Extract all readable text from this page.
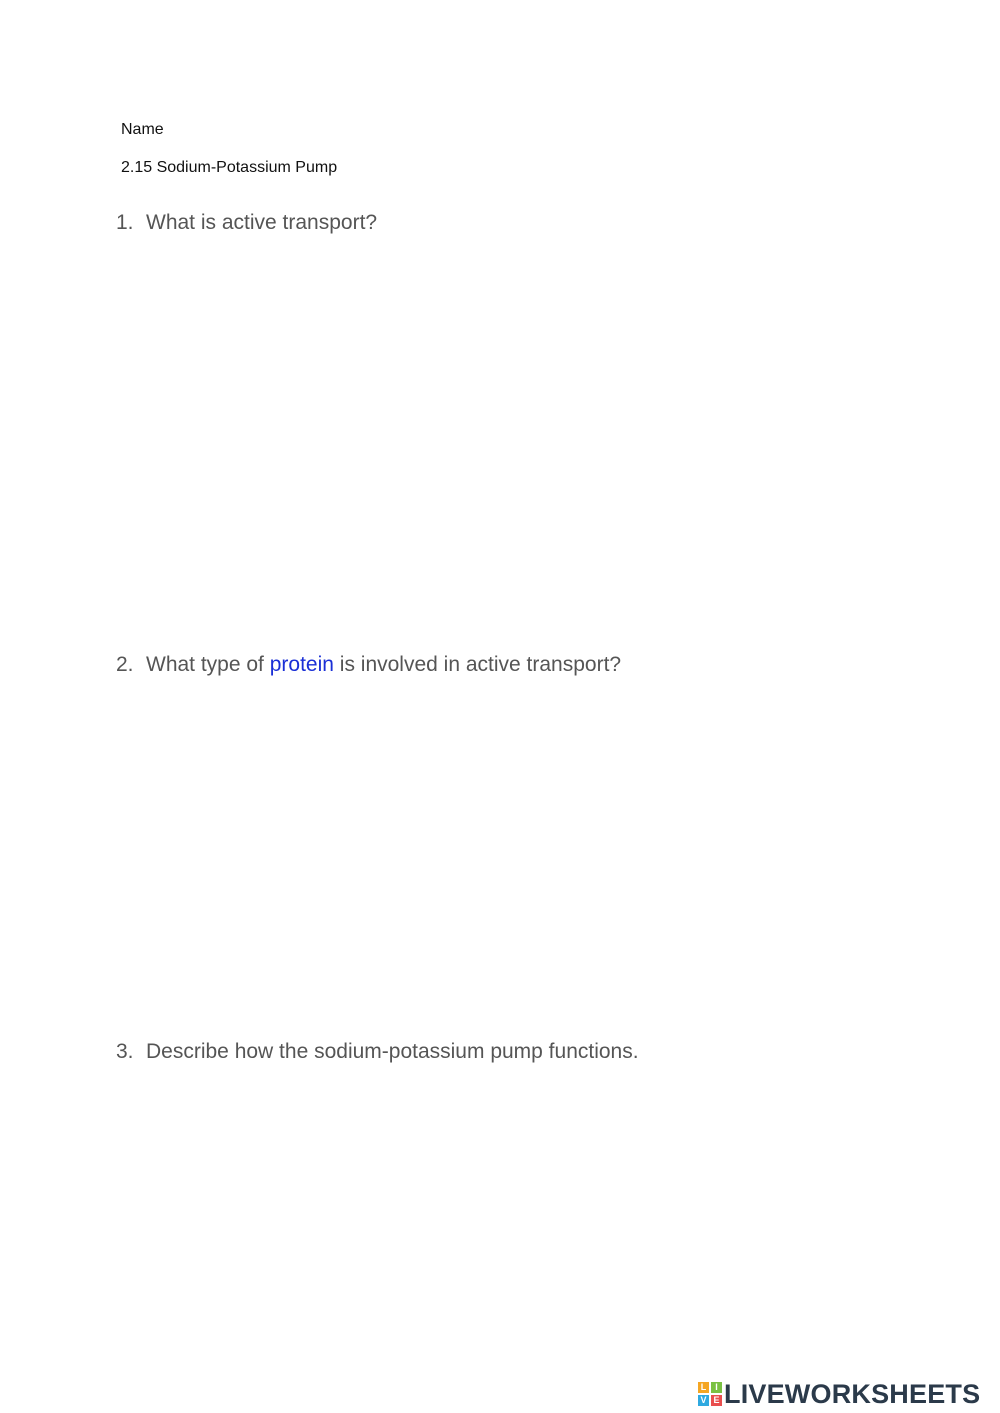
Name
2.15 Sodium-Potassium Pump
1. What is active transport?
2. What type of protein is involved in active transport?
3. Describe how the sodium-potassium pump functions.
L I
V E LIVEWORKSHEETS
